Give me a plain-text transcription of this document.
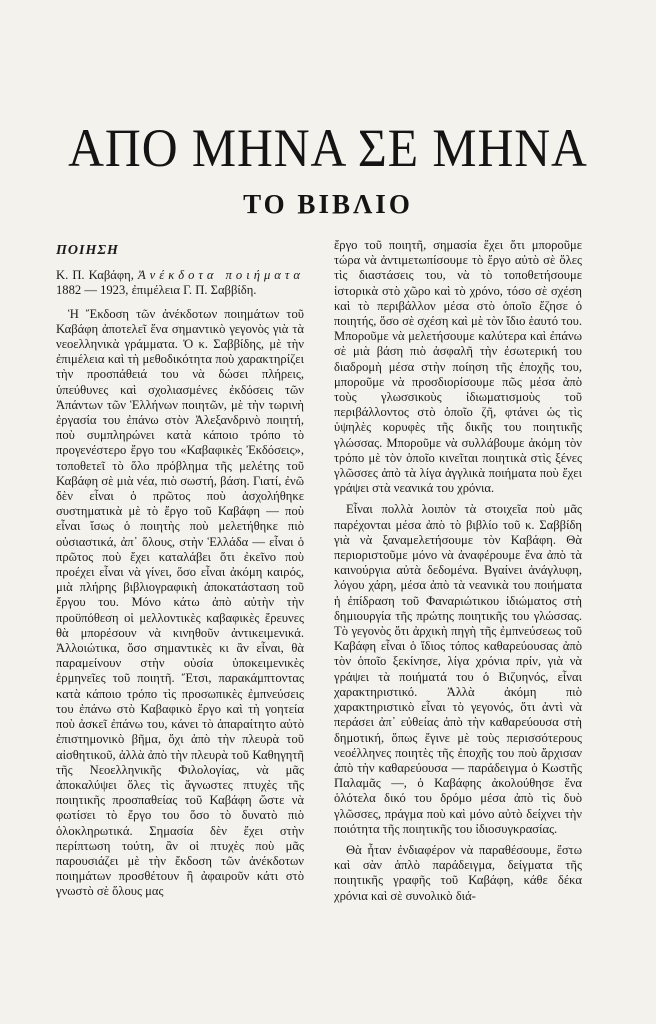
ΑΠΟ ΜΗΝΑ ΣΕ ΜΗΝΑ
ΤΟ ΒΙΒΛΙΟ
ΠΟΙΗΣΗ

Κ. Π. Καβάφη, Ἀνέκδοτα ποιήματα 1882 — 1923, ἐπιμέλεια Γ. Π. Σαββίδη.

Ἡ Ἔκδοση τῶν ἀνέκδοτων ποιημάτων τοῦ Καβάφη ἀποτελεῖ ἕνα σημαντικὸ γεγονὸς γιὰ τὰ νεοελληνικὰ γράμματα. Ὁ κ. Σαββίδης, μὲ τὴν ἐπιμέλεια καὶ τὴ μεθοδικότητα ποὺ χαρακτηρίζει τὴν προσπάθειά του νὰ δώσει πλήρεις, ὑπεύθυνες καὶ σχολιασμένες ἐκδόσεις τῶν Ἁπάντων τῶν Ἑλλήνων ποιητῶν, μὲ τὴν τωρινὴ ἐργασία του ἐπάνω στὸν Ἀλεξανδρινὸ ποιητή, ποὺ συμπληρώνει κατὰ κάποιο τρόπο τὸ προγενέστερο ἔργο του «Καβαφικὲς Ἐκδόσεις», τοποθετεῖ τὸ ὅλο πρόβλημα τῆς μελέτης τοῦ Καβάφη σὲ μιὰ νέα, πιὸ σωστή, βάση. Γιατί, ἐνῶ δὲν εἶναι ὁ πρῶτος ποὺ ἀσχολήθηκε συστηματικὰ μὲ τὸ ἔργο τοῦ Καβάφη — ποὺ εἶναι ἴσως ὁ ποιητὴς ποὺ μελετήθηκε πιὸ οὐσιαστικά, ἀπ᾽ ὅλους, στὴν Ἑλλάδα — εἶναι ὁ πρῶτος ποὺ ἔχει καταλάβει ὅτι ἐκεῖνο ποὺ προέχει εἶναι νὰ γίνει, ὅσο εἶναι ἀκόμη καιρός, μιὰ πλήρης βιβλιογραφικὴ ἀποκατάσταση τοῦ ἔργου του. Μόνο κάτω ἀπὸ αὐτὴν τὴν προϋπόθεση οἱ μελλοντικὲς καβαφικὲς ἔρευνες θὰ μπορέσουν νὰ κινηθοῦν ἀντικειμενικά. Ἀλλοιώτικα, ὅσο σημαντικὲς κι ἂν εἶναι, θὰ παραμείνουν στὴν οὐσία ὑποκειμενικὲς ἑρμηνεῖες τοῦ ποιητῆ. Ἔτσι, παρακάμπτοντας κατὰ κάποιο τρόπο τὶς προσωπικὲς ἐμπνεύσεις του ἐπάνω στὸ Καβαφικὸ ἔργο καὶ τὴ γοητεία ποὺ ἀσκεῖ ἐπάνω του, κάνει τὸ ἀπαραίτητο αὐτὸ ἐπιστημονικὸ βῆμα, ὄχι ἀπὸ τὴν πλευρὰ τοῦ αἰσθητικοῦ, ἀλλὰ ἀπὸ τὴν πλευρὰ τοῦ Καθηγητῆ τῆς Νεοελληνικῆς Φιλολογίας, νὰ μᾶς ἀποκαλύψει ὅλες τὶς ἄγνωστες πτυχὲς τῆς ποιητικῆς προσπαθείας τοῦ Καβάφη ὥστε νὰ φωτίσει τὸ ἔργο του ὅσο τὸ δυνατὸ πιὸ ὁλοκληρωτικά. Σημασία δὲν ἔχει στὴν περίπτωση τούτη, ἂν οἱ πτυχὲς ποὺ μᾶς παρουσιάζει μὲ τὴν ἔκδοση τῶν ἀνέκδοτων ποιημάτων προσθέτουν ἢ ἀφαιροῦν κάτι στὸ γνωστὸ σὲ ὅλους μας

ἔργο τοῦ ποιητῆ, σημασία ἔχει ὅτι μποροῦμε τώρα νὰ ἀντιμετωπίσουμε τὸ ἔργο αὐτὸ σὲ ὅλες τὶς διαστάσεις του, νὰ τὸ τοποθετήσουμε ἱστορικὰ στὸ χῶρο καὶ τὸ χρόνο, τόσο σὲ σχέση καὶ τὸ περιβάλλον μέσα στὸ ὁποῖο ἔζησε ὁ ποιητής, ὅσο σὲ σχέση καὶ μὲ τὸν ἴδιο ἑαυτό του. Μποροῦμε νὰ μελετήσουμε καλύτερα καὶ ἐπάνω σὲ μιὰ βάση πιὸ ἀσφαλῆ τὴν ἐσωτερική του διαδρομὴ μέσα στὴν ποίηση τῆς ἐποχῆς του, μποροῦμε νὰ προσδιορίσουμε πῶς μέσα ἀπὸ τοὺς γλωσσικοὺς ἰδιωματισμοὺς τοῦ περιβάλλοντος στὸ ὁποῖο ζῆ, φτάνει ὡς τὶς ὑψηλὲς κορυφὲς τῆς δικῆς του ποιητικῆς γλώσσας. Μποροῦμε νὰ συλλάβουμε ἀκόμη τὸν τρόπο μὲ τὸν ὁποῖο κινεῖται ποιητικὰ στὶς ξένες γλῶσσες ἀπὸ τὰ λίγα ἀγγλικὰ ποιήματα ποὺ ἔχει γράψει στὰ νεανικά του χρόνια.

Εἶναι πολλὰ λοιπὸν τὰ στοιχεῖα ποὺ μᾶς παρέχονται μέσα ἀπὸ τὸ βιβλίο τοῦ κ. Σαββίδη γιὰ νὰ ξαναμελετήσουμε τὸν Καβάφη. Θὰ περιοριστοῦμε μόνο νὰ ἀναφέρουμε ἕνα ἀπὸ τὰ καινούργια αὐτὰ δεδομένα. Βγαίνει ἀνάγλυφη, λόγου χάρη, μέσα ἀπὸ τὰ νεανικὰ του ποιήματα ἡ ἐπίδραση τοῦ Φαναριώτικου ἰδιώματος στὴ δημιουργία τῆς πρώτης ποιητικῆς του γλώσσας. Τὸ γεγονὸς ὅτι ἀρχικὴ πηγὴ τῆς ἐμπνεύσεως τοῦ Καβάφη εἶναι ὁ ἴδιος τόπος καθαρεύουσας ἀπὸ τὸν ὁποῖο ξεκίνησε, λίγα χρόνια πρίν, γιὰ νὰ γράψει τὰ ποιήματά του ὁ Βιζυηνός, εἶναι χαρακτηριστικό. Ἀλλὰ ἀκόμη πιὸ χαρακτηριστικὸ εἶναι τὸ γεγονός, ὅτι ἀντὶ νὰ περάσει ἀπ᾽ εὐθείας ἀπὸ τὴν καθαρεύουσα στὴ δημοτική, ὅπως ἔγινε μὲ τοὺς περισσότερους νεοέλληνες ποιητὲς τῆς ἐποχῆς του ποὺ ἄρχισαν ἀπὸ τὴν καθαρεύουσα — παράδειγμα ὁ Κωστῆς Παλαμᾶς —, ὁ Καβάφης ἀκολούθησε ἕνα ὁλότελα δικό του δρόμο μέσα ἀπὸ τὶς δυὸ γλῶσσες, πράγμα ποὺ καὶ μόνο αὐτὸ δείχνει τὴν ποιότητα τῆς ποιητικῆς του ἰδιοσυγκρασίας.

Θὰ ἦταν ἐνδιαφέρον νὰ παραθέσουμε, ἔστω καὶ σὰν ἁπλὸ παράδειγμα, δείγματα τῆς ποιητικῆς γραφῆς τοῦ Καβάφη, κάθε δέκα χρόνια καὶ σὲ συνολικὸ διά-
